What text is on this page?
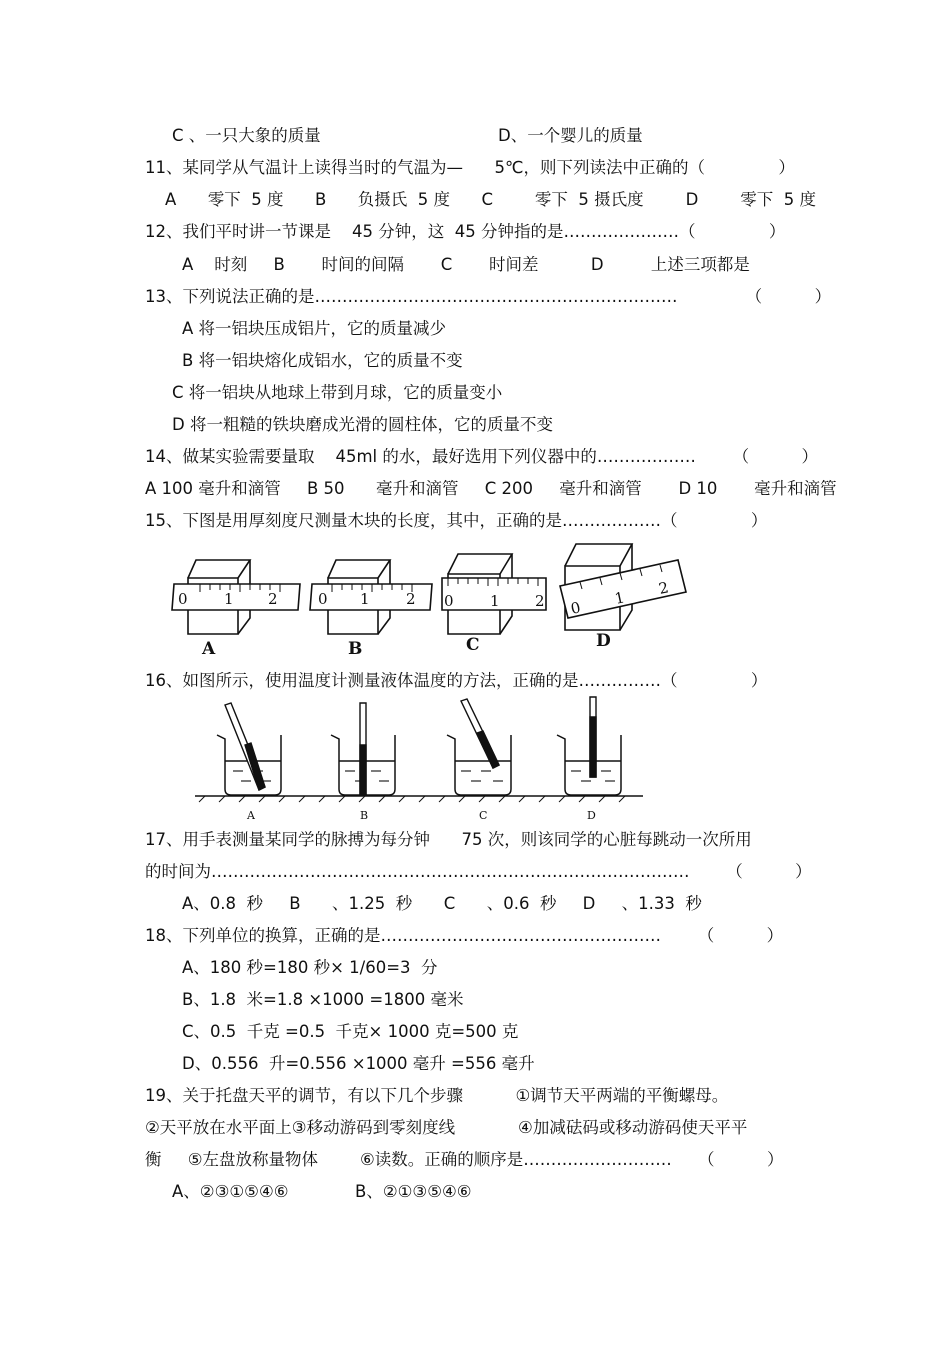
C 、一只大象的质量	D、一个婴儿的质量
11、某同学从气温计上读得当时的气温为—      5℃，则下列读法中正确的（              ）
A      零下  5 度      B      负摄氏  5 度      C        零下  5 摄氏度        D        零下  5 度
12、我们平时讲一节课是    45 分钟，这  45 分钟指的是…………………（              ）
A    时刻     B       时间的间隔       C       时间差          D         上述三项都是
13、下列说法正确的是…………………………………………………………             （          ）
A 将一铝块压成铝片，它的质量减少
B 将一铝块熔化成铝水，它的质量不变
C 将一铝块从地球上带到月球，它的质量变小
D 将一粗糙的铁块磨成光滑的圆柱体，它的质量不变
14、做某实验需要量取    45ml 的水，最好选用下列仪器中的………………       （          ）
A 100 毫升和滴管     B 50      毫升和滴管     C 200     毫升和滴管       D 10       毫升和滴管
15、下图是用厚刻度尺测量木块的长度，其中，正确的是………………（              ）
0 1 2	0 1 2 0 1 2 0
1
2
A	B	C	D
16、如图所示，使用温度计测量液体温度的方法，正确的是……………（              ）
A	B	C	D
17、用手表测量某同学的脉搏为每分钟      75 次，则该同学的心脏每跳动一次所用
的时间为……………………………………………………………………………       （          ）
A、0.8  秒     B      、1.25  秒      C      、0.6  秒     D     、1.33  秒
18、下列单位的换算，正确的是……………………………………………       （          ）
A、180 秒=180 秒× 1/60=3  分
B、1.8  米=1.8 ×1000 =1800 毫米
C、0.5  千克 =0.5  千克× 1000 克=500 克
D、0.556  升=0.556 ×1000 毫升 =556 毫升
19、关于托盘天平的调节，有以下几个步骤          ①调节天平两端的平衡螺母。
②天平放在水平面上③移动游码到零刻度线            ④加减砝码或移动游码使天平平
衡     ⑤左盘放称量物体        ⑥读数。正确的顺序是………………………     （          ）
A、②③①⑤④⑥	B、②①③⑤④⑥
